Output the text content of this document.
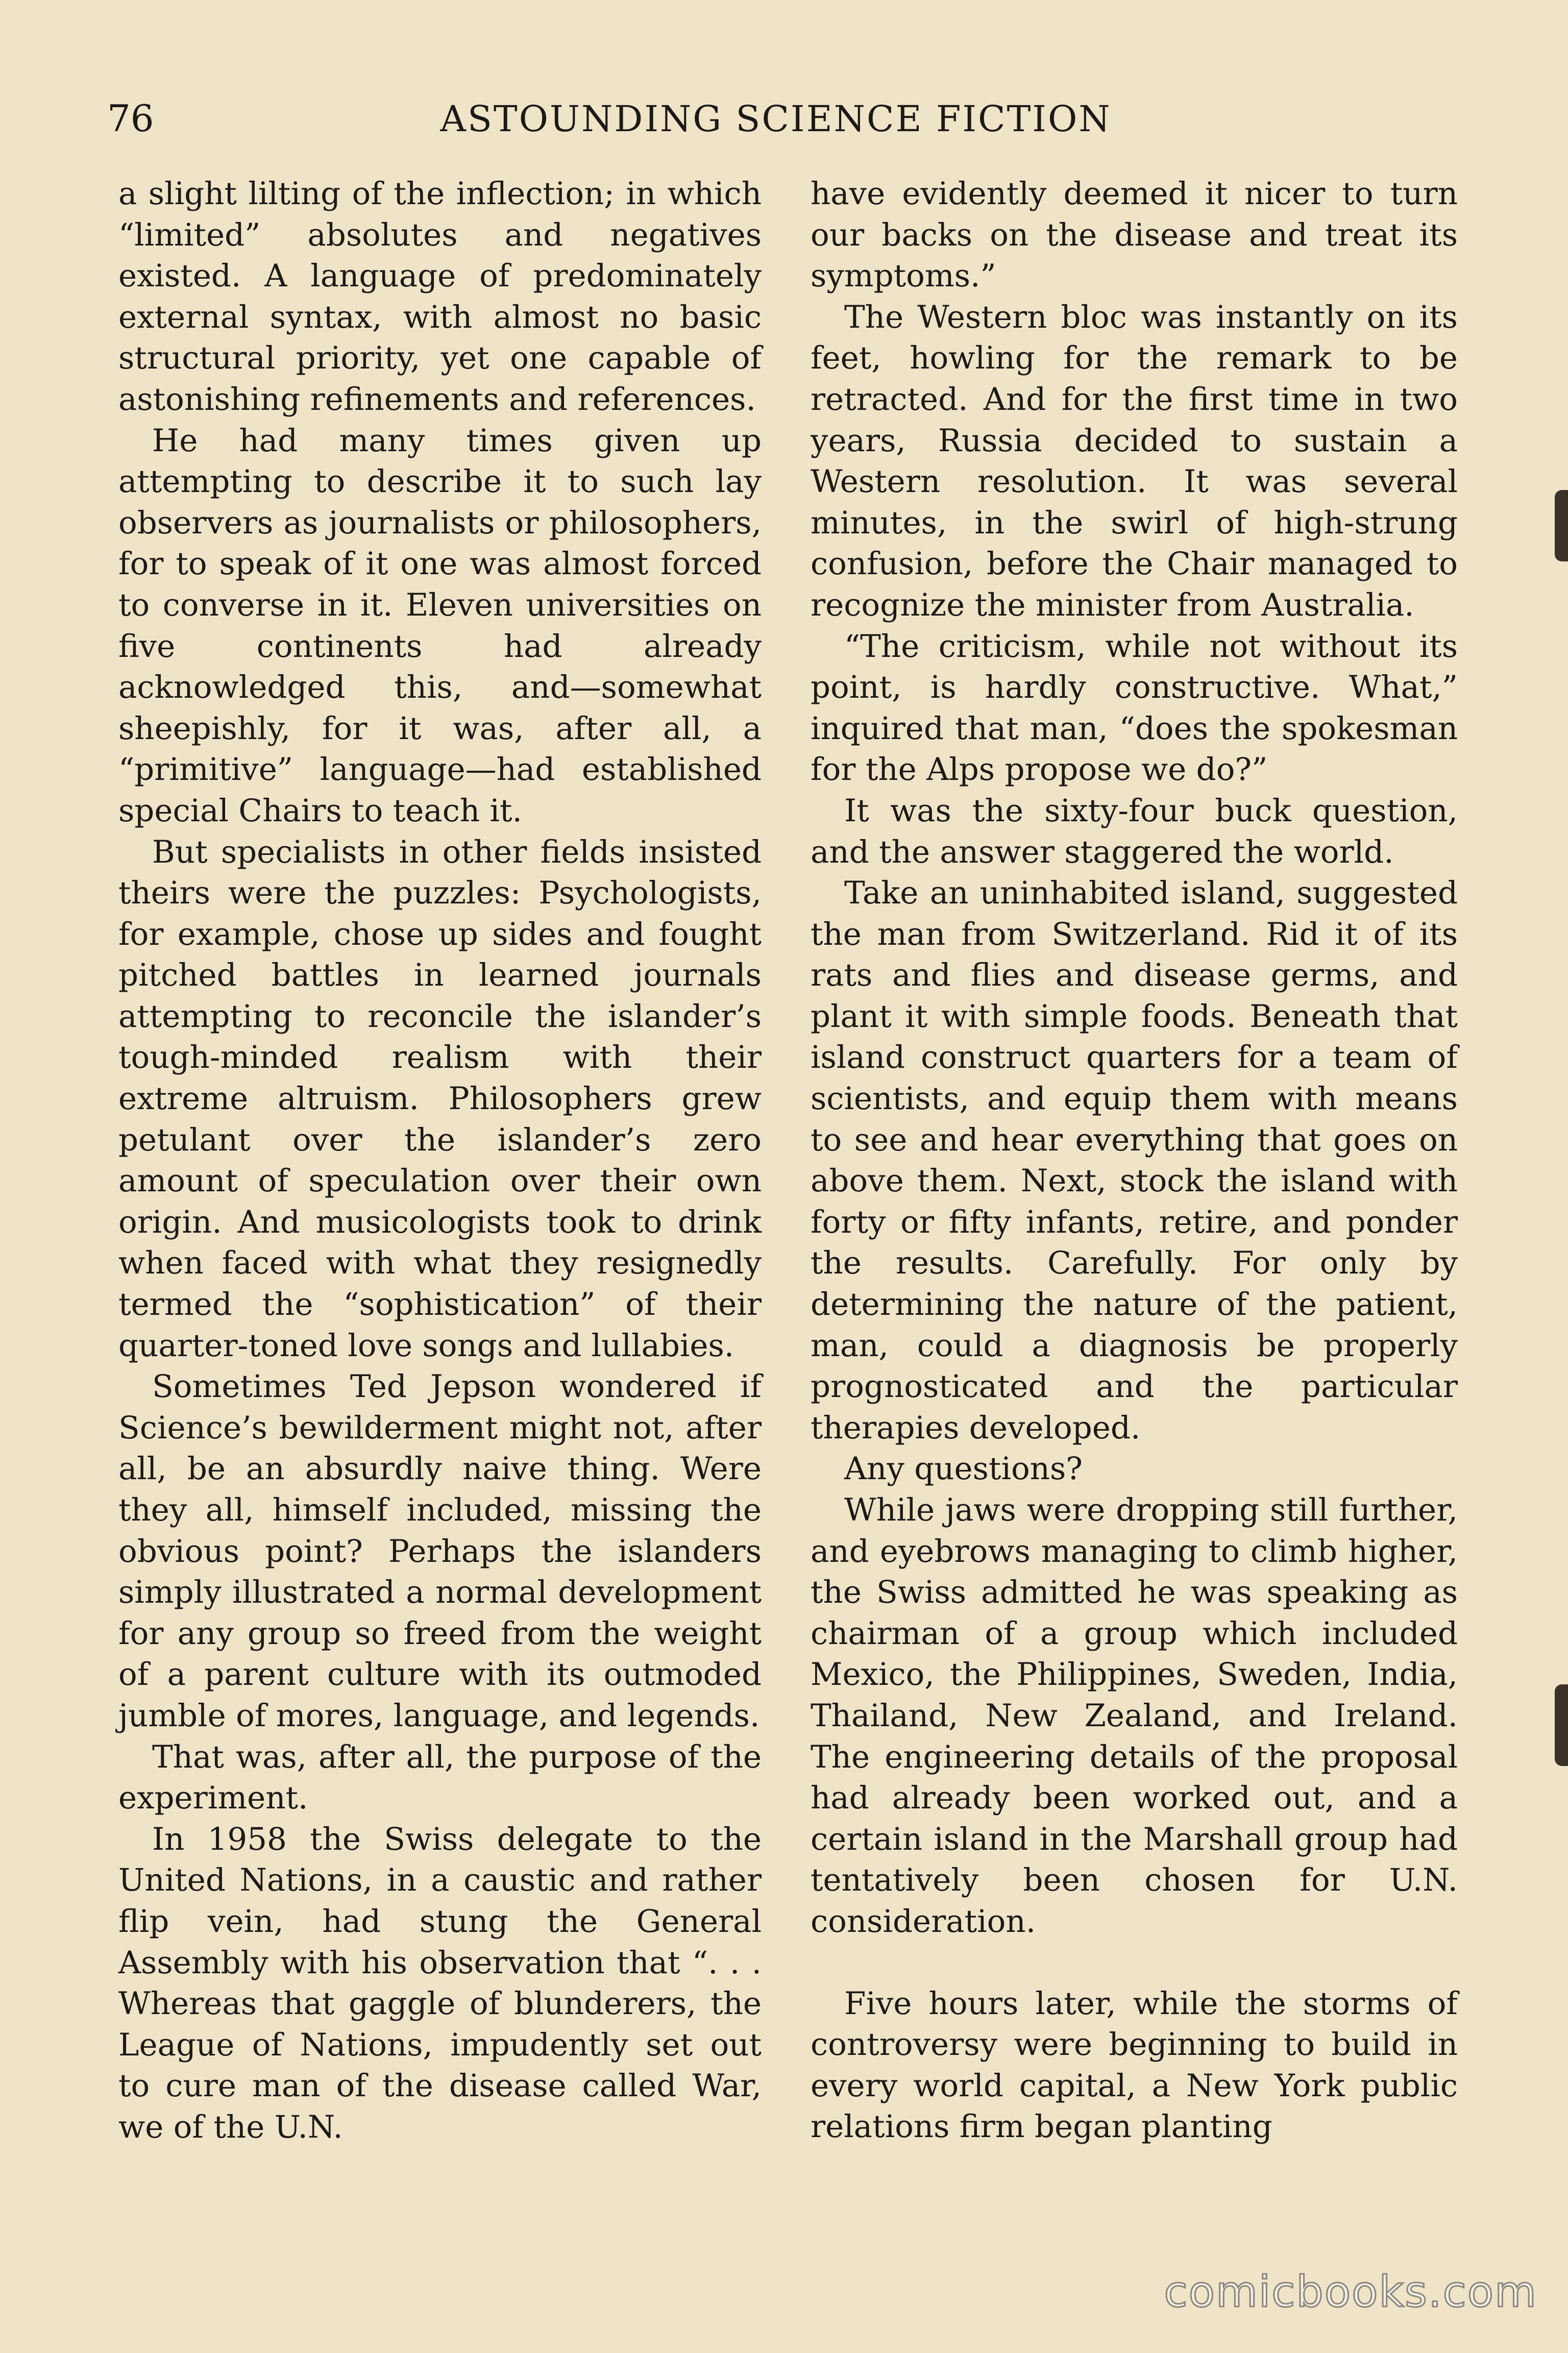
76	ASTOUNDING SCIENCE FICTION

a slight lilting of the inflection; in which “limited” absolutes and negatives existed. A language of predominately external syntax, with almost no basic structural priority, yet one capable of astonishing refinements and references.

He had many times given up attempting to describe it to such lay observers as journalists or philosophers, for to speak of it one was almost forced to converse in it. Eleven universities on five continents had already acknowledged this, and—somewhat sheepishly, for it was, after all, a “primitive” language—had established special Chairs to teach it.

But specialists in other fields insisted theirs were the puzzles: Psychologists, for example, chose up sides and fought pitched battles in learned journals attempting to reconcile the islander’s tough-minded realism with their extreme altruism. Philosophers grew petulant over the islander’s zero amount of speculation over their own origin. And musicologists took to drink when faced with what they resignedly termed the “sophistication” of their quarter-toned love songs and lullabies.

Sometimes Ted Jepson wondered if Science’s bewilderment might not, after all, be an absurdly naive thing. Were they all, himself included, missing the obvious point? Perhaps the islanders simply illustrated a normal development for any group so freed from the weight of a parent culture with its outmoded jumble of mores, language, and legends.

That was, after all, the purpose of the experiment.

In 1958 the Swiss delegate to the United Nations, in a caustic and rather flip vein, had stung the General Assembly with his observation that “. . . Whereas that gaggle of blunderers, the League of Nations, impudently set out to cure man of the disease called War, we of the U.N.

have evidently deemed it nicer to turn our backs on the disease and treat its symptoms.”

The Western bloc was instantly on its feet, howling for the remark to be retracted. And for the first time in two years, Russia decided to sustain a Western resolution. It was several minutes, in the swirl of high-strung confusion, before the Chair managed to recognize the minister from Australia.

“The criticism, while not without its point, is hardly constructive. What,” inquired that man, “does the spokesman for the Alps propose we do?”

It was the sixty-four buck question, and the answer staggered the world.

Take an uninhabited island, suggested the man from Switzerland. Rid it of its rats and flies and disease germs, and plant it with simple foods. Beneath that island construct quarters for a team of scientists, and equip them with means to see and hear everything that goes on above them. Next, stock the island with forty or fifty infants, retire, and ponder the results. Carefully. For only by determining the nature of the patient, man, could a diagnosis be properly prognosticated and the particular therapies developed.

Any questions?

While jaws were dropping still further, and eyebrows managing to climb higher, the Swiss admitted he was speaking as chairman of a group which included Mexico, the Philippines, Sweden, India, Thailand, New Zealand, and Ireland. The engineering details of the proposal had already been worked out, and a certain island in the Marshall group had tentatively been chosen for U.N. consideration.

Five hours later, while the storms of controversy were beginning to build in every world capital, a New York public relations firm began planting

comicbooks.com
